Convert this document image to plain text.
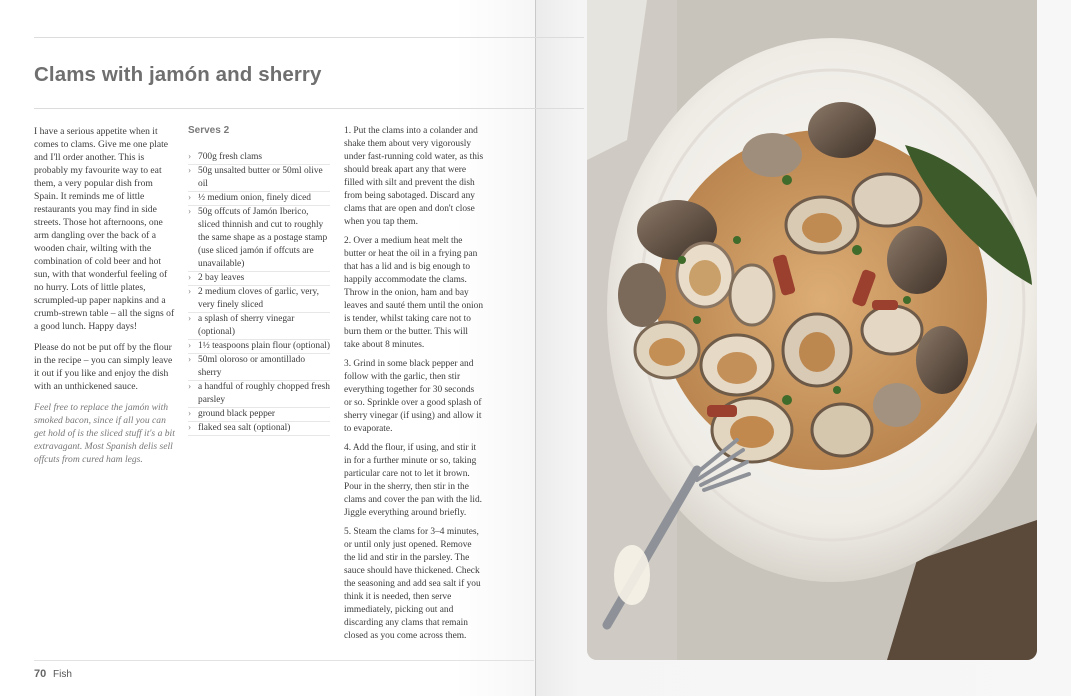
Clams with jamón and sherry

I have a serious appetite when it comes to clams. Give me one plate and I'll order another. This is probably my favourite way to eat them, a very popular dish from Spain. It reminds me of little restaurants you may find in side streets. Those hot afternoons, one arm dangling over the back of a wooden chair, wilting with the combination of cold beer and hot sun, with that wonderful feeling of no hurry. Lots of little plates, scrumpled-up paper napkins and a crumb-strewn table – all the signs of a good lunch. Happy days!

Please do not be put off by the flour in the recipe – you can simply leave it out if you like and enjoy the dish with an unthickened sauce.

Feel free to replace the jamón with smoked bacon, since if all you can get hold of is the sliced stuff it's a bit extravagant. Most Spanish delis sell offcuts from cured ham legs.

Serves 2
› 700g fresh clams
› 50g unsalted butter or 50ml olive oil
› ½ medium onion, finely diced
› 50g offcuts of Jamón Iberico, sliced thinnish and cut to roughly the same shape as a postage stamp (use sliced jamón if offcuts are unavailable)
› 2 bay leaves
› 2 medium cloves of garlic, very, very finely sliced
› a splash of sherry vinegar (optional)
› 1½ teaspoons plain flour (optional)
› 50ml oloroso or amontillado sherry
› a handful of roughly chopped fresh parsley
› ground black pepper
› flaked sea salt (optional)

1. Put the clams into a colander and shake them about very vigorously under fast-running cold water, as this should break apart any that were filled with silt and prevent the dish from being sabotaged. Discard any clams that are open and don't close when you tap them.

2. Over a medium heat melt the butter or heat the oil in a frying pan that has a lid and is big enough to happily accommodate the clams. Throw in the onion, ham and bay leaves and sauté them until the onion is tender, whilst taking care not to burn them or the butter. This will take about 8 minutes.

3. Grind in some black pepper and follow with the garlic, then stir everything together for 30 seconds or so. Sprinkle over a good splash of sherry vinegar (if using) and allow it to evaporate.

4. Add the flour, if using, and stir it in for a further minute or so, taking particular care not to let it brown. Pour in the sherry, then stir in the clams and cover the pan with the lid. Jiggle everything around briefly.

5. Steam the clams for 3–4 minutes, or until only just opened. Remove the lid and stir in the parsley. The sauce should have thickened. Check the seasoning and add sea salt if you think it is needed, then serve immediately, picking out and discarding any clams that remain closed as you come across them.

70 Fish
